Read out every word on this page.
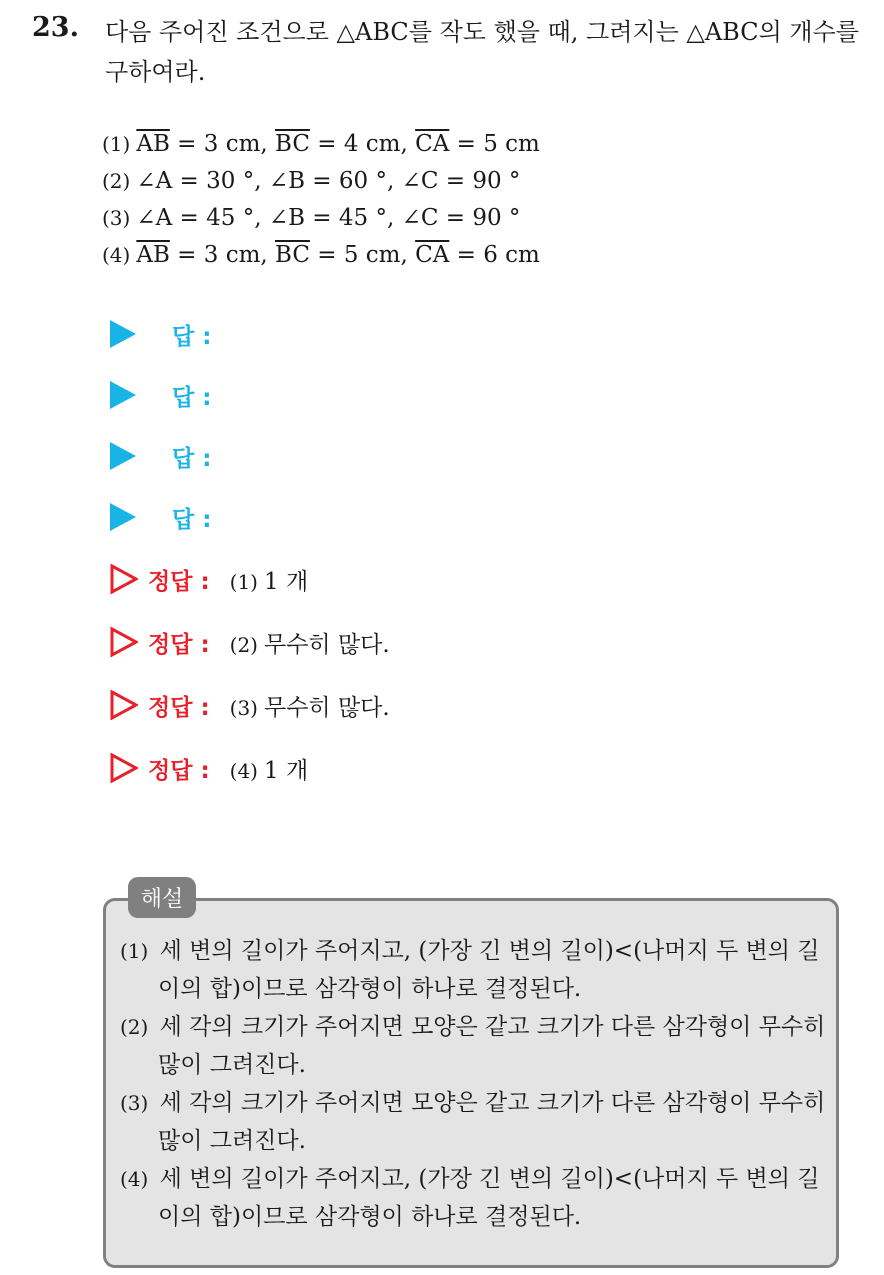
23. 다음 주어진 조건으로 △ABC를 작도 했을 때, 그려지는 △ABC의 개수를 구하여라.
(1) $\overline{AB} = 3$ cm, $\overline{BC} = 4$ cm, $\overline{CA} = 5$ cm
(2) ∠A = 30 °, ∠B = 60 °, ∠C = 90 °
(3) ∠A = 45 °, ∠B = 45 °, ∠C = 90 °
(4) $\overline{AB} = 3$ cm, $\overline{BC} = 5$ cm, $\overline{CA} = 6$ cm
답 :
답 :
답 :
답 :
정답 : (1) 1 개
정답 : (2) 무수히 많다.
정답 : (3) 무수히 많다.
정답 : (4) 1 개
해설
(1) 세 변의 길이가 주어지고, (가장 긴 변의 길이)<(나머지 두 변의 길이의 합)이므로 삼각형이 하나로 결정된다.
(2) 세 각의 크기가 주어지면 모양은 같고 크기가 다른 삼각형이 무수히 많이 그려진다.
(3) 세 각의 크기가 주어지면 모양은 같고 크기가 다른 삼각형이 무수히 많이 그려진다.
(4) 세 변의 길이가 주어지고, (가장 긴 변의 길이)<(나머지 두 변의 길이의 합)이므로 삼각형이 하나로 결정된다.
